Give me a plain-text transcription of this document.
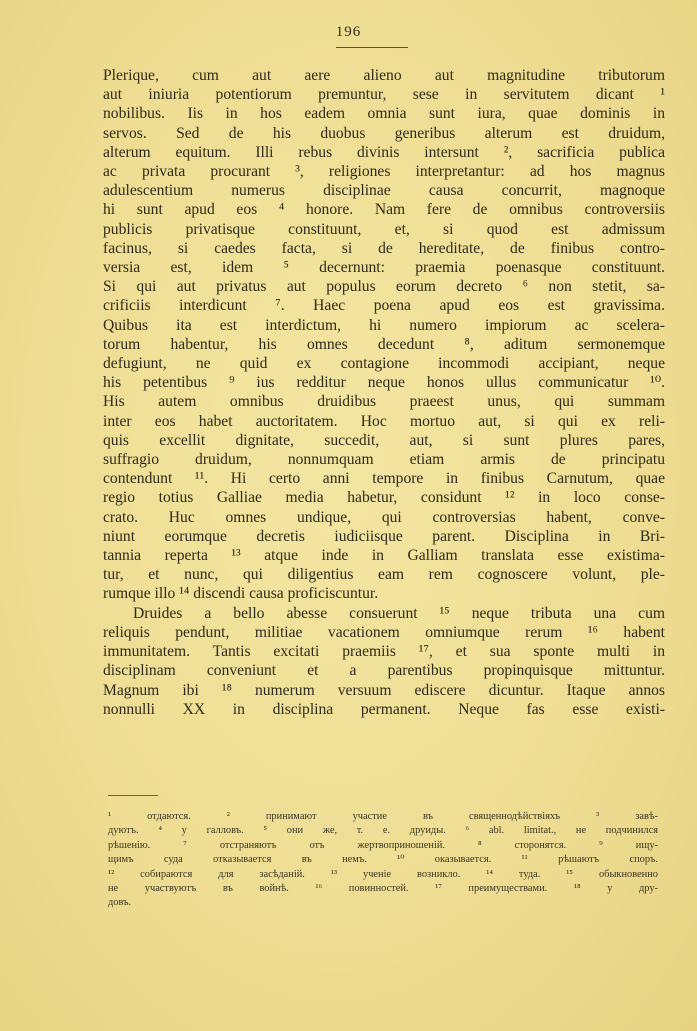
196
Plerique, cum aut aere alieno aut magnitudine tributorum
aut iniuria potentiorum premuntur, sese in servitutem dicant ¹
nobilibus. Iis in hos eadem omnia sunt iura, quae dominis in
servos. Sed de his duobus generibus alterum est druidum,
alterum equitum. Illi rebus divinis intersunt ², sacrificia publica
ac privata procurant ³, religiones interpretantur: ad hos magnus
adulescentium numerus disciplinae causa concurrit, magnoque
hi sunt apud eos ⁴ honore. Nam fere de omnibus controversiis
publicis privatisque constituunt, et, si quod est admissum
facinus, si caedes facta, si de hereditate, de finibus contro-
versia est, idem ⁵ decernunt: praemia poenasque constituunt.
Si qui aut privatus aut populus eorum decreto ⁶ non stetit, sa-
crificiis interdicunt ⁷. Haec poena apud eos est gravissima.
Quibus ita est interdictum, hi numero impiorum ac scelera-
torum habentur, his omnes decedunt ⁸, aditum sermonemque
defugiunt, ne quid ex contagione incommodi accipiant, neque
his petentibus ⁹ ius redditur neque honos ullus communicatur ¹⁰.
His autem omnibus druidibus praeest unus, qui summam
inter eos habet auctoritatem. Hoc mortuo aut, si qui ex reli-
quis excellit dignitate, succedit, aut, si sunt plures pares,
suffragio druidum, nonnumquam etiam armis de principatu
contendunt ¹¹. Hi certo anni tempore in finibus Carnutum, quae
regio totius Galliae media habetur, considunt ¹² in loco conse-
crato. Huc omnes undique, qui controversias habent, conve-
niunt eorumque decretis iudiciisque parent. Disciplina in Bri-
tannia reperta ¹³ atque inde in Galliam translata esse existima-
tur, et nunc, qui diligentius eam rem cognoscere volunt, ple-
rumque illo ¹⁴ discendi causa proficiscuntur.
Druides a bello abesse consuerunt ¹⁵ neque tributa una cum
reliquis pendunt, militiae vacationem omniumque rerum ¹⁶ habent
immunitatem. Tantis excitati praemiis ¹⁷, et sua sponte multi in
disciplinam conveniunt et a parentibus propinquisque mittuntur.
Magnum ibi ¹⁸ numerum versuum ediscere dicuntur. Itaque annos
nonnulli XX in disciplina permanent. Neque fas esse existi-
¹ отдаются. ² принимают участие въ священнодѣйствіяхъ ³ завѣ-
дуютъ. ⁴ у галловъ. ⁵ они же, т. е. друиды. ⁶ abl. limitat., не подчинился
рѣшенію. ⁷ отстраняютъ отъ жертвоприношеній. ⁸ сторонятся. ⁹ ищу-
щимъ суда отказывается въ немъ. ¹⁰ оказывается. ¹¹ рѣшаютъ споръ.
¹² собираются для засѣданій. ¹³ ученіе возникло. ¹⁴ туда. ¹⁵ обыкновенно
не участвуютъ въ войнѣ. ¹⁶ повинностей. ¹⁷ преимуществами. ¹⁸ у дру-
довъ.
